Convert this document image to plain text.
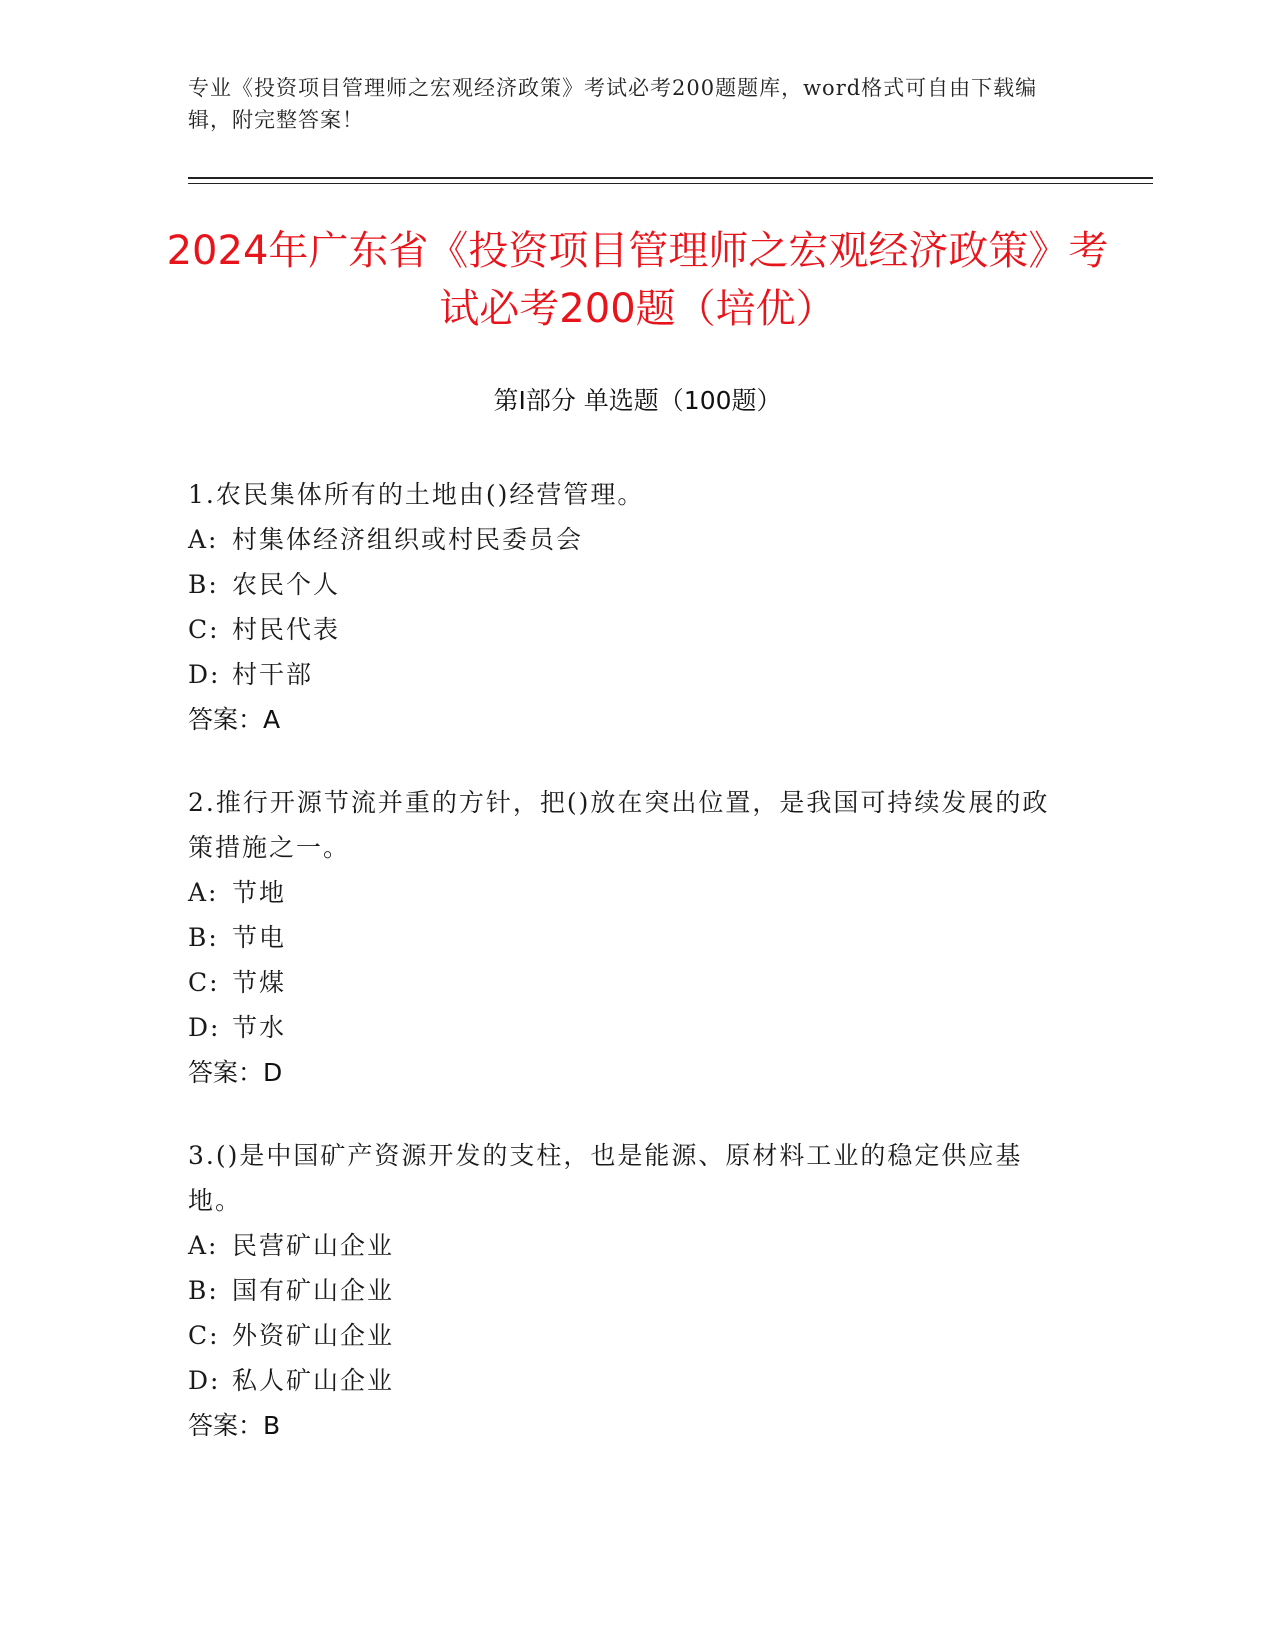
专业《投资项目管理师之宏观经济政策》考试必考200题题库，word格式可自由下载编辑，附完整答案！
2024年广东省《投资项目管理师之宏观经济政策》考试必考200题（培优）
第I部分 单选题（100题）
1.农民集体所有的土地由()经营管理。
A: 村集体经济组织或村民委员会
B: 农民个人
C: 村民代表
D: 村干部
答案：A
2.推行开源节流并重的方针，把()放在突出位置，是我国可持续发展的政策措施之一。
A: 节地
B: 节电
C: 节煤
D: 节水
答案：D
3.()是中国矿产资源开发的支柱，也是能源、原材料工业的稳定供应基地。
A: 民营矿山企业
B: 国有矿山企业
C: 外资矿山企业
D: 私人矿山企业
答案：B
